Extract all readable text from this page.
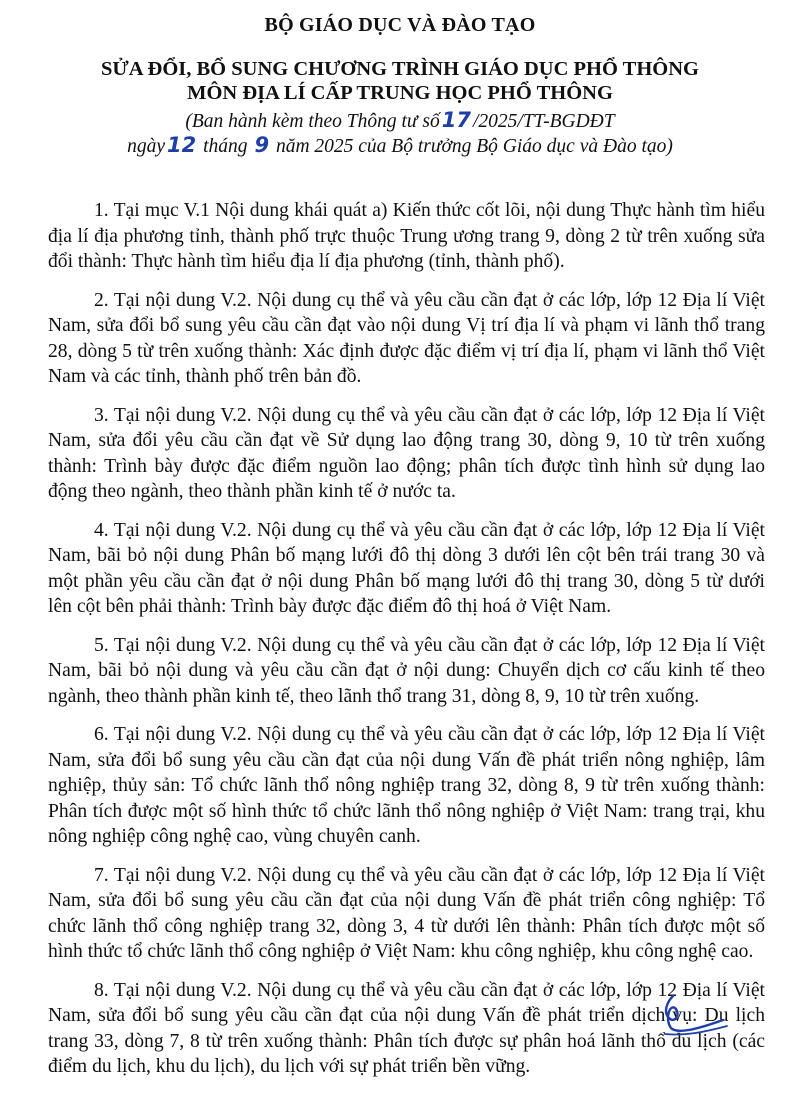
BỘ GIÁO DỤC VÀ ĐÀO TẠO
SỬA ĐỔI, BỔ SUNG CHƯƠNG TRÌNH GIÁO DỤC PHỔ THÔNG
MÔN ĐỊA LÍ CẤP TRUNG HỌC PHỔ THÔNG
(Ban hành kèm theo Thông tư số17 /2025/TT-BGDĐT
ngày12 tháng 9 năm 2025 của Bộ trưởng Bộ Giáo dục và Đào tạo)

1. Tại mục V.1 Nội dung khái quát a) Kiến thức cốt lõi, nội dung Thực hành tìm hiểu địa lí địa phương tỉnh, thành phố trực thuộc Trung ương trang 9, dòng 2 từ trên xuống sửa đổi thành: Thực hành tìm hiểu địa lí địa phương (tỉnh, thành phố).

2. Tại nội dung V.2. Nội dung cụ thể và yêu cầu cần đạt ở các lớp, lớp 12 Địa lí Việt Nam, sửa đổi bổ sung yêu cầu cần đạt vào nội dung Vị trí địa lí và phạm vi lãnh thổ trang 28, dòng 5 từ trên xuống thành: Xác định được đặc điểm vị trí địa lí, phạm vi lãnh thổ Việt Nam và các tỉnh, thành phố trên bản đồ.

3. Tại nội dung V.2. Nội dung cụ thể và yêu cầu cần đạt ở các lớp, lớp 12 Địa lí Việt Nam, sửa đổi yêu cầu cần đạt về Sử dụng lao động trang 30, dòng 9, 10 từ trên xuống thành: Trình bày được đặc điểm nguồn lao động; phân tích được tình hình sử dụng lao động theo ngành, theo thành phần kinh tế ở nước ta.

4. Tại nội dung V.2. Nội dung cụ thể và yêu cầu cần đạt ở các lớp, lớp 12 Địa lí Việt Nam, bãi bỏ nội dung Phân bố mạng lưới đô thị dòng 3 dưới lên cột bên trái trang 30 và một phần yêu cầu cần đạt ở nội dung Phân bố mạng lưới đô thị trang 30, dòng 5 từ dưới lên cột bên phải thành: Trình bày được đặc điểm đô thị hoá ở Việt Nam.

5. Tại nội dung V.2. Nội dung cụ thể và yêu cầu cần đạt ở các lớp, lớp 12 Địa lí Việt Nam, bãi bỏ nội dung và yêu cầu cần đạt ở nội dung: Chuyển dịch cơ cấu kinh tế theo ngành, theo thành phần kinh tế, theo lãnh thổ trang 31, dòng 8, 9, 10 từ trên xuống.

6. Tại nội dung V.2. Nội dung cụ thể và yêu cầu cần đạt ở các lớp, lớp 12 Địa lí Việt Nam, sửa đổi bổ sung yêu cầu cần đạt của nội dung Vấn đề phát triển nông nghiệp, lâm nghiệp, thủy sản: Tổ chức lãnh thổ nông nghiệp trang 32, dòng 8, 9 từ trên xuống thành: Phân tích được một số hình thức tổ chức lãnh thổ nông nghiệp ở Việt Nam: trang trại, khu nông nghiệp công nghệ cao, vùng chuyên canh.

7. Tại nội dung V.2. Nội dung cụ thể và yêu cầu cần đạt ở các lớp, lớp 12 Địa lí Việt Nam, sửa đổi bổ sung yêu cầu cần đạt của nội dung Vấn đề phát triển công nghiệp: Tổ chức lãnh thổ công nghiệp trang 32, dòng 3, 4 từ dưới lên thành: Phân tích được một số hình thức tổ chức lãnh thổ công nghiệp ở Việt Nam: khu công nghiệp, khu công nghệ cao.

8. Tại nội dung V.2. Nội dung cụ thể và yêu cầu cần đạt ở các lớp, lớp 12 Địa lí Việt Nam, sửa đổi bổ sung yêu cầu cần đạt của nội dung Vấn đề phát triển dịch vụ: Du lịch trang 33, dòng 7, 8 từ trên xuống thành: Phân tích được sự phân hoá lãnh thổ du lịch (các điểm du lịch, khu du lịch), du lịch với sự phát triển bền vững.
